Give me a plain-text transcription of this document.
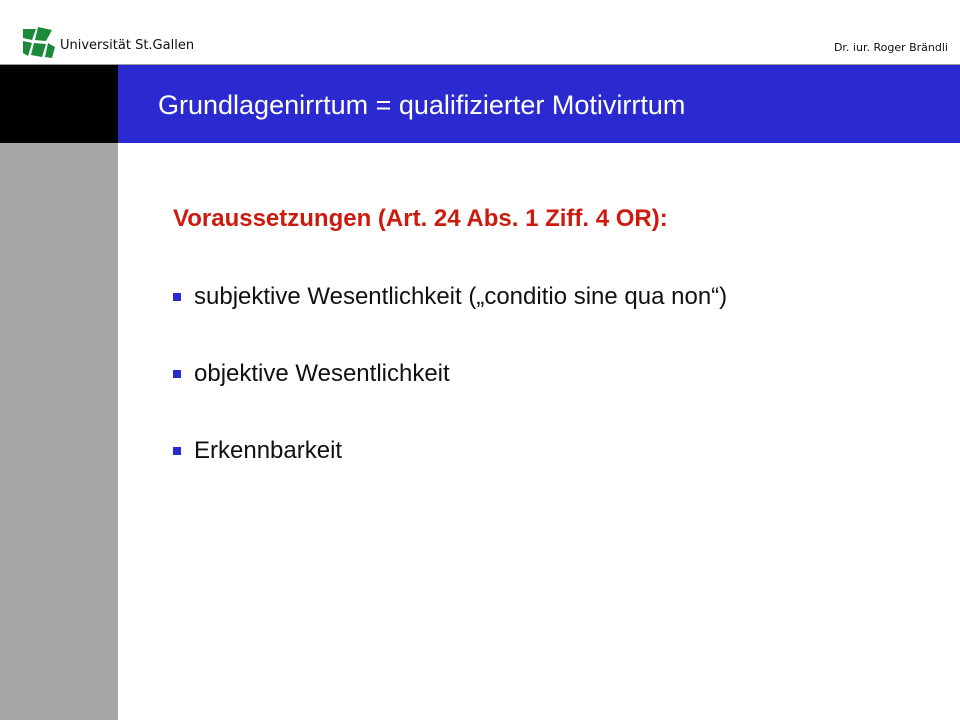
Universität St.Gallen	Dr. iur. Roger Brändli
Grundlagenirrtum = qualifizierter Motivirrtum
Voraussetzungen (Art. 24 Abs. 1 Ziff. 4 OR):
subjektive Wesentlichkeit („conditio sine qua non“)
objektive Wesentlichkeit
Erkennbarkeit
